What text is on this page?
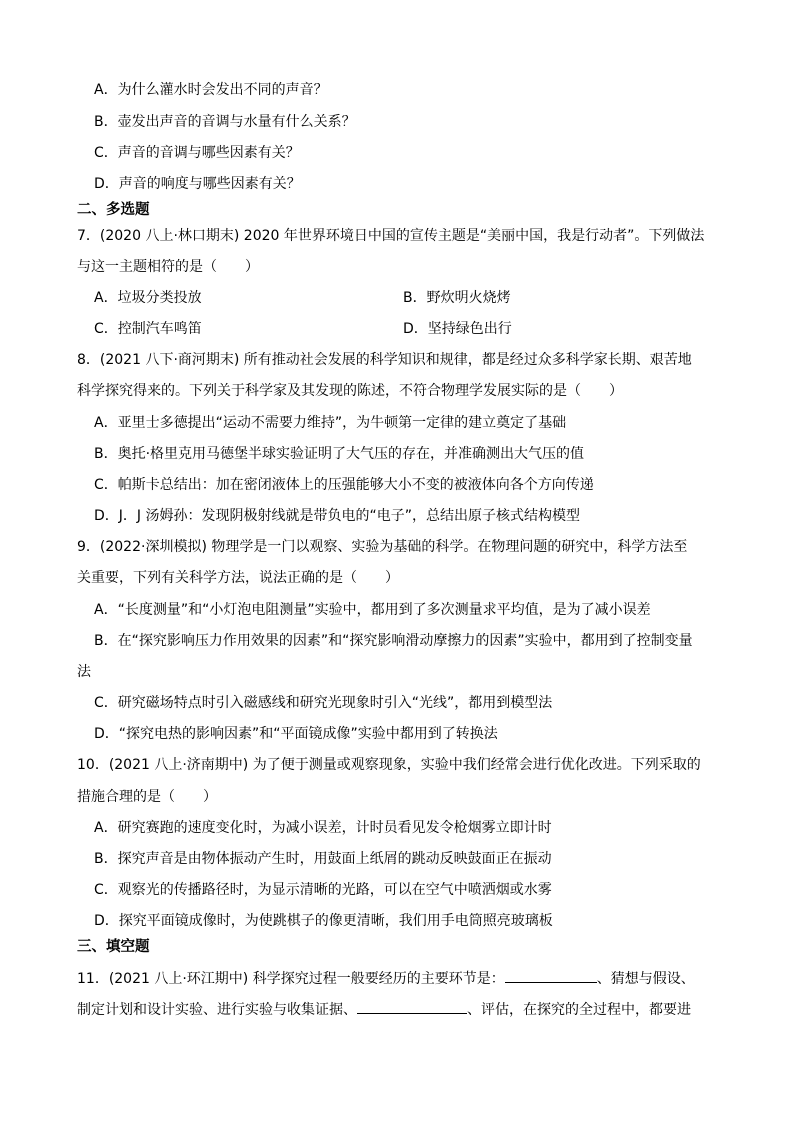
A．为什么灌水时会发出不同的声音？
B．壶发出声音的音调与水量有什么关系？
C．声音的音调与哪些因素有关？
D．声音的响度与哪些因素有关？
二、多选题
7．(2020 八上·林口期末) 2020 年世界环境日中国的宣传主题是“美丽中国，我是行动者”。下列做法
与这一主题相符的是（　　）
A．垃圾分类投放	B．野炊明火烧烤
C．控制汽车鸣笛	D．坚持绿色出行
8．(2021 八下·商河期末) 所有推动社会发展的科学知识和规律，都是经过众多科学家长期、艰苦地
科学探究得来的。下列关于科学家及其发现的陈述，不符合物理学发展实际的是（　　）
A．亚里士多德提出“运动不需要力维持”，为牛顿第一定律的建立奠定了基础
B．奥托·格里克用马德堡半球实验证明了大气压的存在，并准确测出大气压的值
C．帕斯卡总结出：加在密闭液体上的压强能够大小不变的被液体向各个方向传递
D．J．J 汤姆孙：发现阴极射线就是带负电的“电子”，总结出原子核式结构模型
9．(2022·深圳模拟) 物理学是一门以观察、实验为基础的科学。在物理问题的研究中，科学方法至
关重要，下列有关科学方法，说法正确的是（　　）
A．“长度测量”和“小灯泡电阻测量”实验中，都用到了多次测量求平均值，是为了减小误差
B．在“探究影响压力作用效果的因素”和“探究影响滑动摩擦力的因素”实验中，都用到了控制变量
法
C．研究磁场特点时引入磁感线和研究光现象时引入“光线”，都用到模型法
D．“探究电热的影响因素”和“平面镜成像”实验中都用到了转换法
10．(2021 八上·济南期中) 为了便于测量或观察现象，实验中我们经常会进行优化改进。下列采取的
措施合理的是（　　）
A．研究赛跑的速度变化时，为减小误差，计时员看见发令枪烟雾立即计时
B．探究声音是由物体振动产生时，用鼓面上纸屑的跳动反映鼓面正在振动
C．观察光的传播路径时，为显示清晰的光路，可以在空气中喷洒烟或水雾
D．探究平面镜成像时，为使跳棋子的像更清晰，我们用手电筒照亮玻璃板
三、填空题
11．(2021 八上·环江期中) 科学探究过程一般要经历的主要环节是：	、猜想与假设、
制定计划和设计实验、进行实验与收集证据、	、评估，在探究的全过程中，都要进
